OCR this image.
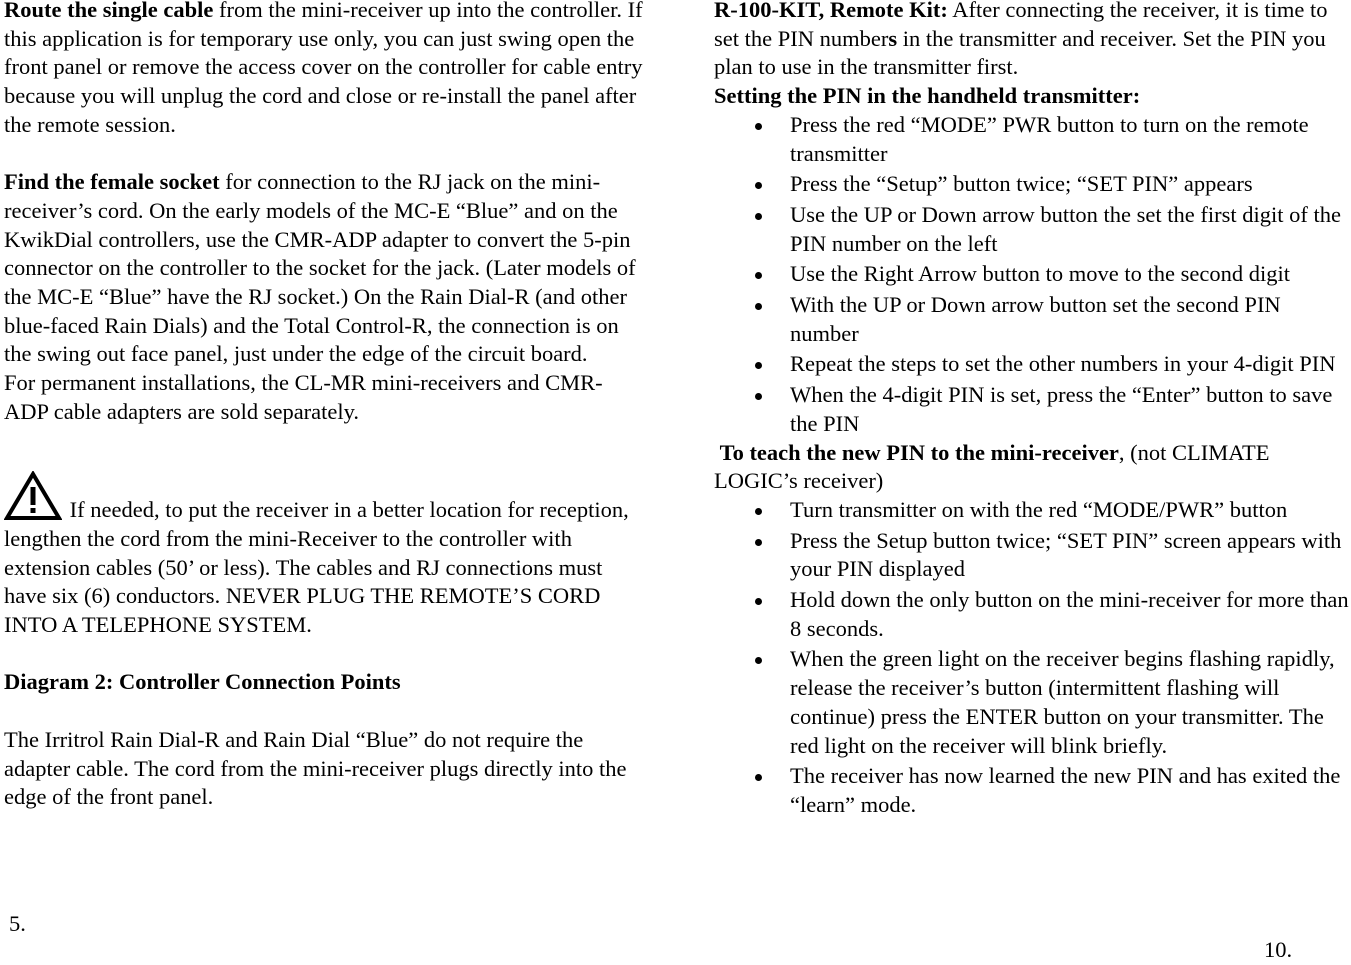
Route the single cable from the mini-receiver up into the controller. If this application is for temporary use only, you can just swing open the front panel or remove the access cover on the controller for cable entry because you will unplug the cord and close or re-install the panel after the remote session.

Find the female socket for connection to the RJ jack on the mini-receiver’s cord. On the early models of the MC-E “Blue” and on the KwikDial controllers, use the CMR-ADP adapter to convert the 5-pin connector on the controller to the socket for the jack. (Later models of the MC-E “Blue” have the RJ socket.) On the Rain Dial-R (and other blue-faced Rain Dials) and the Total Control-R, the connection is on the swing out face panel, just under the edge of the circuit board.

For permanent installations, the CL-MR mini-receivers and CMR-ADP cable adapters are sold separately.

If needed, to put the receiver in a better location for reception, lengthen the cord from the mini-Receiver to the controller with extension cables (50’ or less). The cables and RJ connections must have six (6) conductors. NEVER PLUG THE REMOTE’S CORD INTO A TELEPHONE SYSTEM.

Diagram 2: Controller Connection Points

The Irritrol Rain Dial-R and Rain Dial “Blue” do not require the adapter cable. The cord from the mini-receiver plugs directly into the edge of the front panel.

5.

R-100-KIT, Remote Kit: After connecting the receiver, it is time to set the PIN numbers in the transmitter and receiver. Set the PIN you plan to use in the transmitter first.

Setting the PIN in the handheld transmitter:

Press the red “MODE” PWR button to turn on the remote transmitter
Press the “Setup” button twice; “SET PIN” appears
Use the UP or Down arrow button the set the first digit of the PIN number on the left
Use the Right Arrow button to move to the second digit
With the UP or Down arrow button set the second PIN number
Repeat the steps to set the other numbers in your 4-digit PIN
When the 4-digit PIN is set, press the “Enter” button to save the PIN

To teach the new PIN to the mini-receiver, (not CLIMATE LOGIC’s receiver)

Turn transmitter on with the red “MODE/PWR” button
Press the Setup button twice; “SET PIN” screen appears with your PIN displayed
Hold down the only button on the mini-receiver for more than 8 seconds.
When the green light on the receiver begins flashing rapidly, release the receiver’s button (intermittent flashing will continue) press the ENTER button on your transmitter. The red light on the receiver will blink briefly.
The receiver has now learned the new PIN and has exited the “learn” mode.
10.
